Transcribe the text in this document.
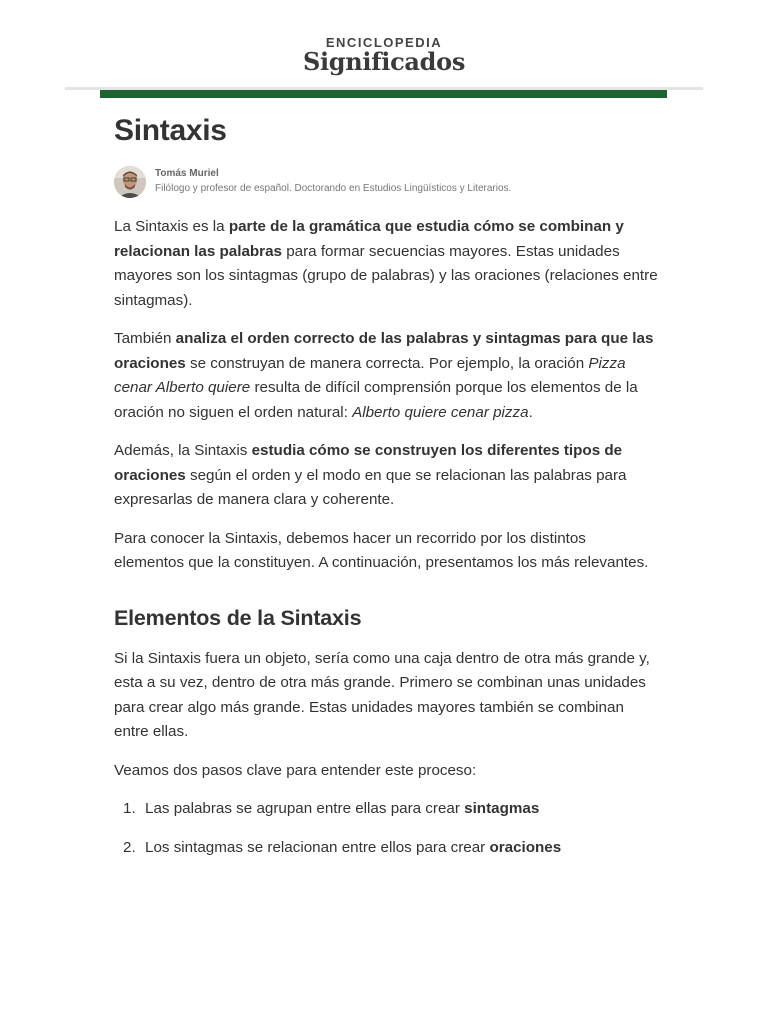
ENCICLOPEDIA
Significados
Sintaxis
Tomás Muriel
Filólogo y profesor de español. Doctorando en Estudios Lingüísticos y Literarios.

La Sintaxis es la parte de la gramática que estudia cómo se combinan y relacionan las palabras para formar secuencias mayores. Estas unidades mayores son los sintagmas (grupo de palabras) y las oraciones (relaciones entre sintagmas).

También analiza el orden correcto de las palabras y sintagmas para que las oraciones se construyan de manera correcta. Por ejemplo, la oración Pizza cenar Alberto quiere resulta de difícil comprensión porque los elementos de la oración no siguen el orden natural: Alberto quiere cenar pizza.

Además, la Sintaxis estudia cómo se construyen los diferentes tipos de oraciones según el orden y el modo en que se relacionan las palabras para expresarlas de manera clara y coherente.

Para conocer la Sintaxis, debemos hacer un recorrido por los distintos elementos que la constituyen. A continuación, presentamos los más relevantes.

Elementos de la Sintaxis

Si la Sintaxis fuera un objeto, sería como una caja dentro de otra más grande y, esta a su vez, dentro de otra más grande. Primero se combinan unas unidades para crear algo más grande. Estas unidades mayores también se combinan entre ellas.

Veamos dos pasos clave para entender este proceso:

1. Las palabras se agrupan entre ellas para crear sintagmas
2. Los sintagmas se relacionan entre ellos para crear oraciones
